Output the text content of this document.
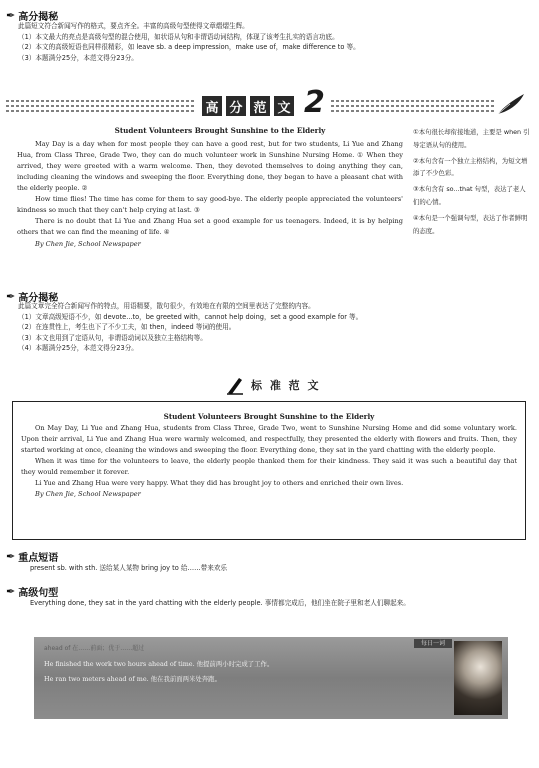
✒ 高分揭秘
此篇短文符合新闻写作的格式，要点齐全。丰富的高级句型使得文章熠熠生辉。
（1）本文最大的亮点是高级句型的混合使用，如状语从句和非谓语动词结构，体现了该考生扎实的语言功底。
（2）本文的高级短语也同样很精彩，如 leave sb. a deep impression，make use of，make difference to 等。
（3）本题满分25分，本范文得分23分。
高 分 范 文 2
Student Volunteers Brought Sunshine to the Elderly
May Day is a day when for most people they can have a good rest, but for two students, Li Yue and Zhang Hua, from Class Three, Grade Two, they can do much volunteer work in Sunshine Nursing Home. ① When they arrived, they were greeted with a warm welcome. Then, they devoted themselves to doing anything they can, including cleaning the windows and sweeping the floor. Everything done, they began to have a pleasant chat with the elderly people. ②
How time flies! The time has come for them to say good-bye. The elderly people appreciated the volunteers' kindness so much that they can't help crying at last. ③
There is no doubt that Li Yue and Zhang Hua set a good example for us teenagers. Indeed, it is by helping others that we can find the meaning of life. ④
By Chen Jie, School Newspaper
①本句很长却衔接地道，主要是 when 引导定语从句的使用。
②本句含有一个独立主格结构，为短文增添了不少色彩。
③本句含有 so...that 句型，表达了老人们的心情。
④本句是一个强调句型，表达了作者鲜明的态度。
✒ 高分揭秘
此篇文章完全符合新闻写作的特点，用语精要，散句很少，有效地在有限的空间里表达了完整的内容。
（1）文章高级短语不少，如 devote...to，be greeted with，cannot help doing，set a good example for 等。
（2）在连贯性上，考生也下了不少工夫，如 then，indeed 等词的使用。
（3）本文也用到了定语从句，非谓语动词以及独立主格结构等。
（4）本题满分25分，本范文得分23分。
标 准 范 文
Student Volunteers Brought Sunshine to the Elderly
On May Day, Li Yue and Zhang Hua, students from Class Three, Grade Two, went to Sunshine Nursing Home and did some voluntary work. Upon their arrival, Li Yue and Zhang Hua were warmly welcomed, and respectfully, they presented the elderly with flowers and fruits. Then, they started working at once, cleaning the windows and sweeping the floor. Everything done, they sat in the yard chatting with the elderly people.
When it was time for the volunteers to leave, the elderly people thanked them for their kindness. They said it was such a beautiful day that they would remember it forever.
Li Yue and Zhang Hua were very happy. What they did has brought joy to others and enriched their own lives.
By Chen Jie, School Newspaper
✒ 重点短语
present sb. with sth. 送给某人某物 bring joy to 给……带来欢乐
✒ 高级句型
Everything done, they sat in the yard chatting with the elderly people. 事情都完成后，他们坐在院子里和老人们聊起来。
ahead of 在……前面；优于……超过
He finished the work two hours ahead of time. 他提前两小时完成了工作。
He ran two meters ahead of me. 他在我前面两米处奔跑。
每日一词
